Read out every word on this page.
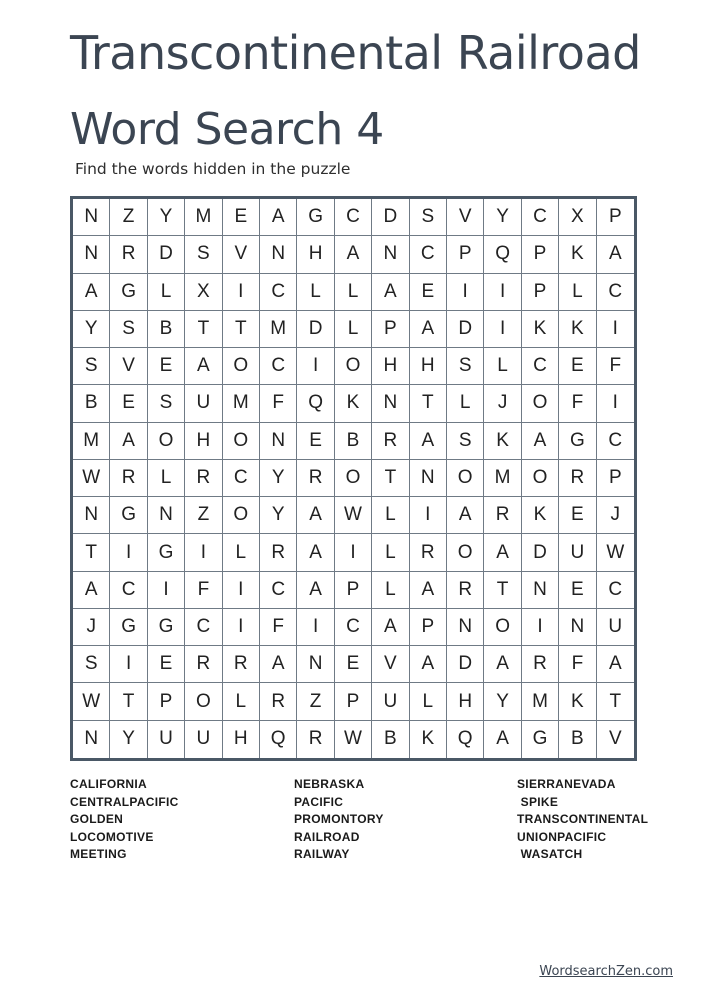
Transcontinental Railroad
Word Search 4
Find the words hidden in the puzzle
N	Z	Y	M	E	A	G	C	D	S	V	Y	C	X	P
N	R	D	S	V	N	H	A	N	C	P	Q	P	K	A
A	G	L	X	I	C	L	L	A	E	I	I	P	L	C
Y	S	B	T	T	M	D	L	P	A	D	I	K	K	I
S	V	E	A	O	C	I	O	H	H	S	L	C	E	F
B	E	S	U	M	F	Q	K	N	T	L	J	O	F	I
M	A	O	H	O	N	E	B	R	A	S	K	A	G	C
W	R	L	R	C	Y	R	O	T	N	O	M	O	R	P
N	G	N	Z	O	Y	A	W	L	I	A	R	K	E	J
T	I	G	I	L	R	A	I	L	R	O	A	D	U	W
A	C	I	F	I	C	A	P	L	A	R	T	N	E	C
J	G	G	C	I	F	I	C	A	P	N	O	I	N	U
S	I	E	R	R	A	N	E	V	A	D	A	R	F	A
W	T	P	O	L	R	Z	P	U	L	H	Y	M	K	T
N	Y	U	U	H	Q	R	W	B	K	Q	A	G	B	V
CALIFORNIA
CENTRALPACIFIC
GOLDEN
LOCOMOTIVE
MEETING
NEBRASKA
PACIFIC
PROMONTORY
RAILROAD
RAILWAY
SIERRANEVADA
SPIKE
TRANSCONTINENTAL
UNIONPACIFIC
WASATCH
WordsearchZen.com
